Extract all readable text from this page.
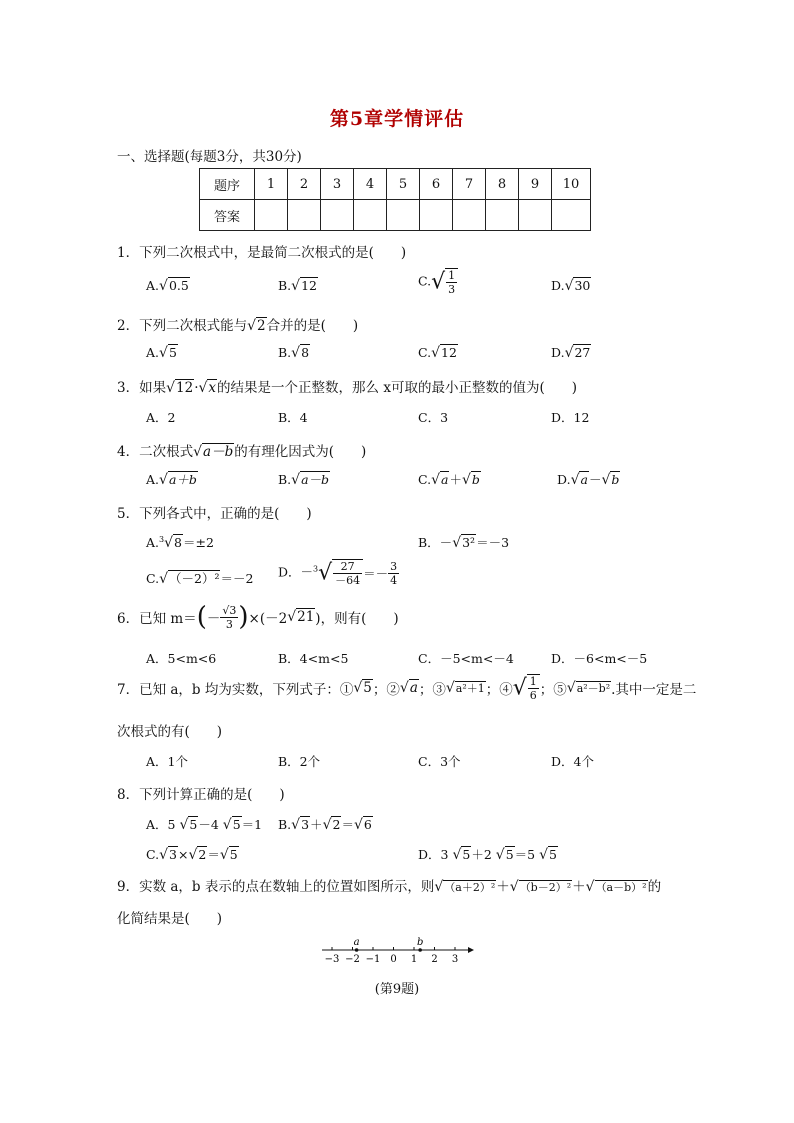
第5章学情评估
一、选择题(每题3分，共30分)
题序	1	2	3	4	5	6	7	8	9	10
答案										
1．下列二次根式中，是最简二次根式的是(　　)
A.√0.5	B.√12	$C.√ \frac{1}{3}$	D.√30
2．下列二次根式能与√2合并的是(　　)
A.√5	B.√8	C.√12	D.√27
3．如果√12·√x的结果是一个正整数，那么 x可取的最小正整数的值为(　　)
A．2	B．4	C．3	D．12
4．二次根式√a－b的有理化因式为(　　)
A.√a＋b	B.√a－b	C.√a＋√b	D.√a－√b
5．下列各式中，正确的是(　　)
A.$^3$√8＝±2	B．－√3²＝－3
C.√（－2）²＝－2 D．$-^3√ \frac{27}{-64} =- \frac{3}{4}$
6．已知 $m=(- \frac{√3}{3} )\times(-2√21)$，则有(　　)
A．5<m<6	B．4<m<5	C．－5<m<－4	D．－6<m<－5
7．已知 a，b 均为实数，下列式子：①√5；②√a；③√a²＋1；④√ $\frac{1}{6}$ ；⑤√a²－b².其中一定是二
次根式的有(　　)
A．1个	B．2个	C．3个	D．4个
8．下列计算正确的是(　　)
A．5 √5－4 √5＝1 B.√3＋√2＝√6
C.√3×√2＝√5	D．3 √5＋2 √5＝5 √5
9．实数 a，b 表示的点在数轴上的位置如图所示，则√（a＋2）²＋√（b－2）²＋√（a－b）²的
化简结果是(　　)
−3 −2 −1 0 1 2 3
a	b
(第9题)
